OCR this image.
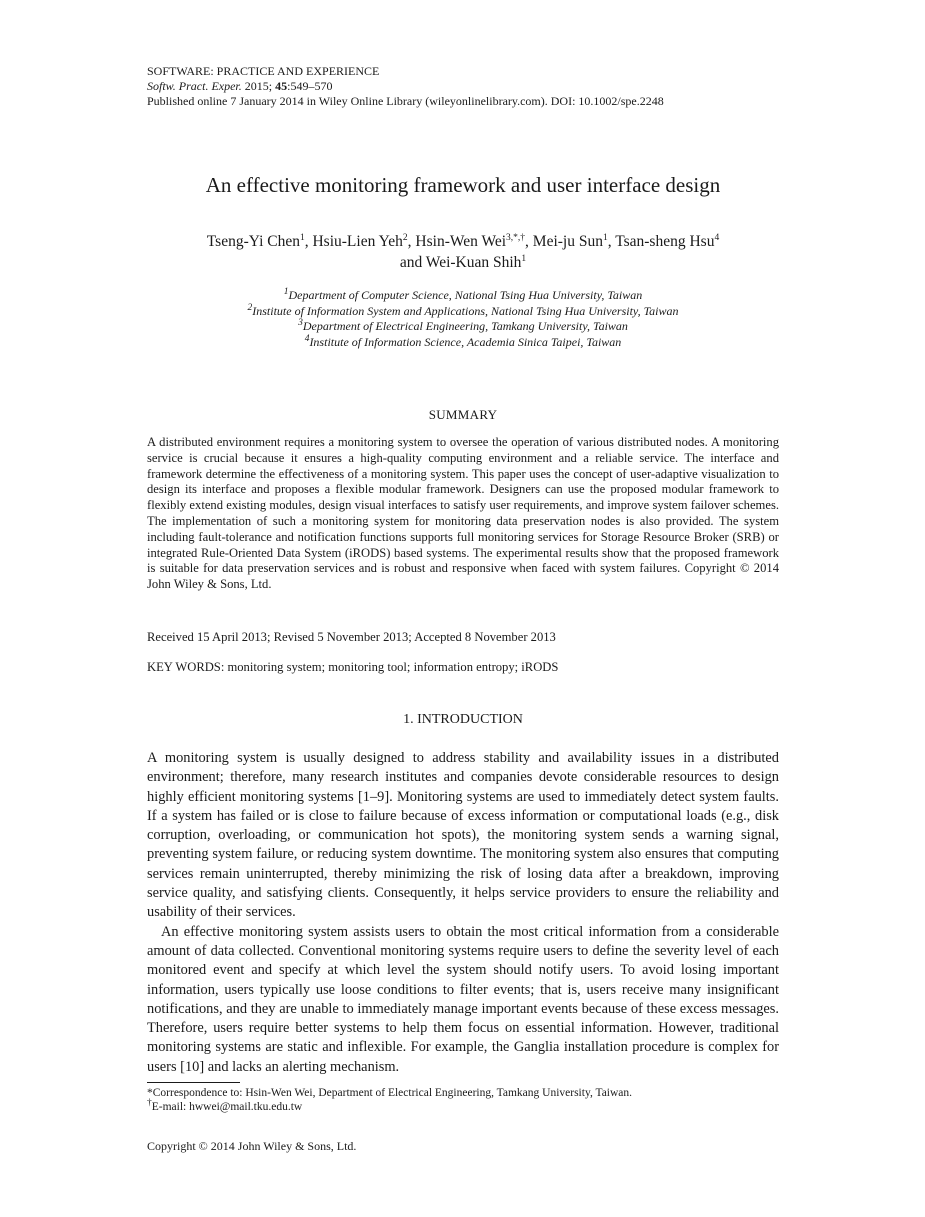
SOFTWARE: PRACTICE AND EXPERIENCE
Softw. Pract. Exper. 2015; 45:549–570
Published online 7 January 2014 in Wiley Online Library (wileyonlinelibrary.com). DOI: 10.1002/spe.2248
An effective monitoring framework and user interface design
Tseng-Yi Chen$^1$, Hsiu-Lien Yeh$^2$, Hsin-Wen Wei$^{3,*,\dagger}$, Mei-ju Sun$^1$, Tsan-sheng Hsu$^4$
and Wei-Kuan Shih$^1$
$^1$Department of Computer Science, National Tsing Hua University, Taiwan
$^2$Institute of Information System and Applications, National Tsing Hua University, Taiwan
$^3$Department of Electrical Engineering, Tamkang University, Taiwan
$^4$Institute of Information Science, Academia Sinica Taipei, Taiwan
SUMMARY
A distributed environment requires a monitoring system to oversee the operation of various distributed nodes. A monitoring service is crucial because it ensures a high-quality computing environment and a reliable service. The interface and framework determine the effectiveness of a monitoring system. This paper uses the concept of user-adaptive visualization to design its interface and proposes a flexible modular framework. Designers can use the proposed modular framework to flexibly extend existing modules, design visual interfaces to satisfy user requirements, and improve system failover schemes. The implementation of such a monitoring system for monitoring data preservation nodes is also provided. The system including fault-tolerance and notification functions supports full monitoring services for Storage Resource Broker (SRB) or integrated Rule-Oriented Data System (iRODS) based systems. The experimental results show that the proposed framework is suitable for data preservation services and is robust and responsive when faced with system failures. Copyright © 2014 John Wiley & Sons, Ltd.
Received 15 April 2013; Revised 5 November 2013; Accepted 8 November 2013
KEY WORDS: monitoring system; monitoring tool; information entropy; iRODS
1. INTRODUCTION

A monitoring system is usually designed to address stability and availability issues in a distributed environment; therefore, many research institutes and companies devote considerable resources to design highly efficient monitoring systems [1–9]. Monitoring systems are used to immediately detect system faults. If a system has failed or is close to failure because of excess information or computational loads (e.g., disk corruption, overloading, or communication hot spots), the monitoring system sends a warning signal, preventing system failure, or reducing system downtime. The monitoring system also ensures that computing services remain uninterrupted, thereby minimizing the risk of losing data after a breakdown, improving service quality, and satisfying clients. Consequently, it helps service providers to ensure the reliability and usability of their services.

An effective monitoring system assists users to obtain the most critical information from a considerable amount of data collected. Conventional monitoring systems require users to define the severity level of each monitored event and specify at which level the system should notify users. To avoid losing important information, users typically use loose conditions to filter events; that is, users receive many insignificant notifications, and they are unable to immediately manage important events because of these excess messages. Therefore, users require better systems to help them focus on essential information. However, traditional monitoring systems are static and inflexible. For example, the Ganglia installation procedure is complex for users [10] and lacks an alerting mechanism.

*Correspondence to: Hsin-Wen Wei, Department of Electrical Engineering, Tamkang University, Taiwan.
†E-mail: hwwei@mail.tku.edu.tw
Copyright © 2014 John Wiley & Sons, Ltd.
